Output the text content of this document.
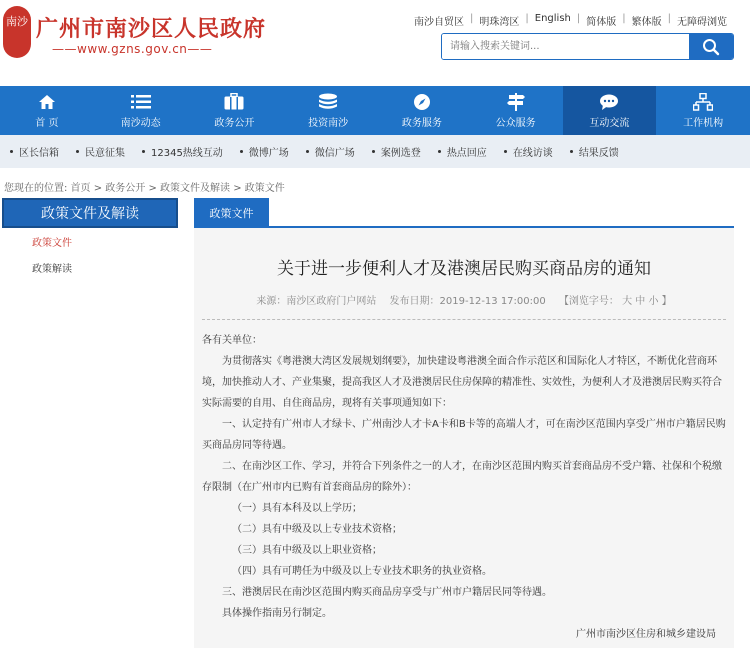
南沙 广州市南沙区人民政府
——www.gzns.gov.cn——
南沙自贸区 | 明珠湾区 | English | 简体版 | 繁体版 | 无障碍浏览
请输入搜索关键词...
首 页	南沙动态	政务公开	投资南沙	政务服务	公众服务	互动交流	工作机构
区长信箱	民意征集	12345热线互动	微博广场	微信广场	案例选登	热点回应	在线访谈	结果反馈
您现在的位置: 首页 > 政务公开 > 政策文件及解读 > 政策文件
政策文件及解读
政策文件
政策解读
政策文件
关于进一步便利人才及港澳居民购买商品房的通知
来源：南沙区政府门户网站 发布日期：2019-12-13 17:00:00 【浏览字号： 大 中 小 】

各有关单位：

为贯彻落实《粤港澳大湾区发展规划纲要》，加快建设粤港澳全面合作示范区和国际化人才特区，不断优化营商环境，加快推动人才、产业集聚，提高我区人才及港澳居民住房保障的精准性、实效性，为便利人才及港澳居民购买符合实际需要的自用、自住商品房，现将有关事项通知如下：

一、认定持有广州市人才绿卡、广州南沙人才卡A卡和B卡等的高端人才，可在南沙区范围内享受广州市户籍居民购买商品房同等待遇。

二、在南沙区工作、学习，并符合下列条件之一的人才，在南沙区范围内购买首套商品房不受户籍、社保和个税缴存限制（在广州市内已购有首套商品房的除外）：

（一）具有本科及以上学历；

（二）具有中级及以上专业技术资格；

（三）具有中级及以上职业资格；

（四）具有可聘任为中级及以上专业技术职务的执业资格。

三、港澳居民在南沙区范围内购买商品房享受与广州市户籍居民同等待遇。

具体操作指南另行制定。

广州市南沙区住房和城乡建设局
